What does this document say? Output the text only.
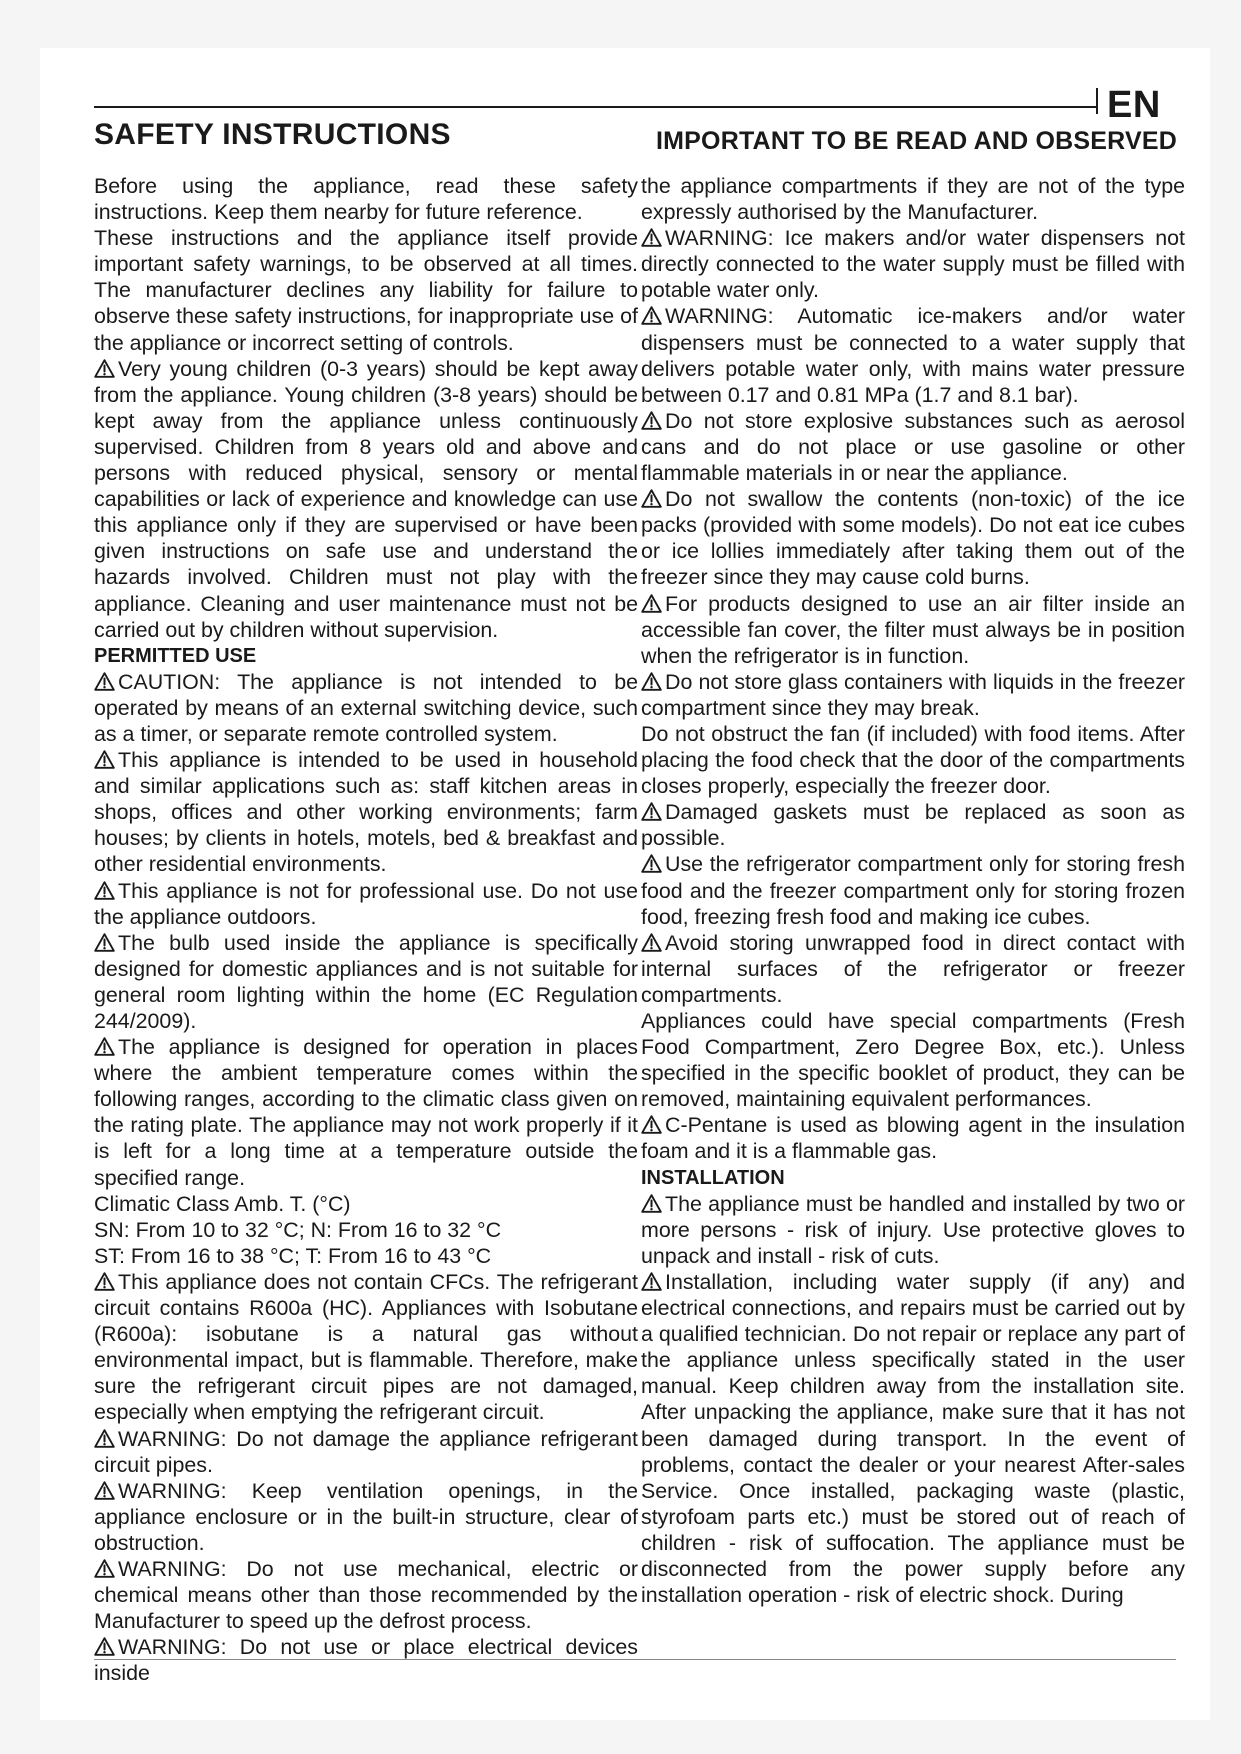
EN
SAFETY INSTRUCTIONS	IMPORTANT TO BE READ AND OBSERVED

Before using the appliance, read these safety instructions. Keep them nearby for future reference.

These instructions and the appliance itself provide important safety warnings, to be observed at all times. The manufacturer declines any liability for failure to observe these safety instructions, for inappropriate use of the appliance or incorrect setting of controls.

Very young children (0-3 years) should be kept away from the appliance. Young children (3-8 years) should be kept away from the appliance unless continuously supervised. Children from 8 years old and above and persons with reduced physical, sensory or mental capabilities or lack of experience and knowledge can use this appliance only if they are supervised or have been given instructions on safe use and understand the hazards involved. Children must not play with the appliance. Cleaning and user maintenance must not be carried out by children without supervision.

PERMITTED USE

CAUTION: The appliance is not intended to be operated by means of an external switching device, such as a timer, or separate remote controlled system.

This appliance is intended to be used in household and similar applications such as: staff kitchen areas in shops, offices and other working environments; farm houses; by clients in hotels, motels, bed & breakfast and other residential environments.

This appliance is not for professional use. Do not use the appliance outdoors.

The bulb used inside the appliance is specifically designed for domestic appliances and is not suitable for general room lighting within the home (EC Regulation 244/2009).

The appliance is designed for operation in places where the ambient temperature comes within the following ranges, according to the climatic class given on the rating plate. The appliance may not work properly if it is left for a long time at a temperature outside the specified range.

Climatic Class Amb. T. (°C)

SN: From 10 to 32 °C; N: From 16 to 32 °C

ST: From 16 to 38 °C; T: From 16 to 43 °C

This appliance does not contain CFCs. The refrigerant circuit contains R600a (HC). Appliances with Isobutane (R600a): isobutane is a natural gas without environmental impact, but is flammable. Therefore, make sure the refrigerant circuit pipes are not damaged, especially when emptying the refrigerant circuit.

WARNING: Do not damage the appliance refrigerant circuit pipes.

WARNING: Keep ventilation openings, in the appliance enclosure or in the built-in structure, clear of obstruction.

WARNING: Do not use mechanical, electric or chemical means other than those recommended by the Manufacturer to speed up the defrost process.

WARNING: Do not use or place electrical devices inside

the appliance compartments if they are not of the type expressly authorised by the Manufacturer.

WARNING: Ice makers and/or water dispensers not directly connected to the water supply must be filled with potable water only.

WARNING: Automatic ice-makers and/or water dispensers must be connected to a water supply that delivers potable water only, with mains water pressure between 0.17 and 0.81 MPa (1.7 and 8.1 bar).

Do not store explosive substances such as aerosol cans and do not place or use gasoline or other flammable materials in or near the appliance.

Do not swallow the contents (non-toxic) of the ice packs (provided with some models). Do not eat ice cubes or ice lollies immediately after taking them out of the freezer since they may cause cold burns.

For products designed to use an air filter inside an accessible fan cover, the filter must always be in position when the refrigerator is in function.

Do not store glass containers with liquids in the freezer compartment since they may break.

Do not obstruct the fan (if included) with food items. After placing the food check that the door of the compartments closes properly, especially the freezer door.

Damaged gaskets must be replaced as soon as possible.

Use the refrigerator compartment only for storing fresh food and the freezer compartment only for storing frozen food, freezing fresh food and making ice cubes.

Avoid storing unwrapped food in direct contact with internal surfaces of the refrigerator or freezer compartments.

Appliances could have special compartments (Fresh Food Compartment, Zero Degree Box, etc.). Unless specified in the specific booklet of product, they can be removed, maintaining equivalent performances.

C-Pentane is used as blowing agent in the insulation foam and it is a flammable gas.

INSTALLATION

The appliance must be handled and installed by two or more persons - risk of injury. Use protective gloves to unpack and install - risk of cuts.

Installation, including water supply (if any) and electrical connections, and repairs must be carried out by a qualified technician. Do not repair or replace any part of the appliance unless specifically stated in the user manual. Keep children away from the installation site. After unpacking the appliance, make sure that it has not been damaged during transport. In the event of problems, contact the dealer or your nearest After-sales Service. Once installed, packaging waste (plastic, styrofoam parts etc.) must be stored out of reach of children - risk of suffocation. The appliance must be disconnected from the power supply before any installation operation - risk of electric shock. During
